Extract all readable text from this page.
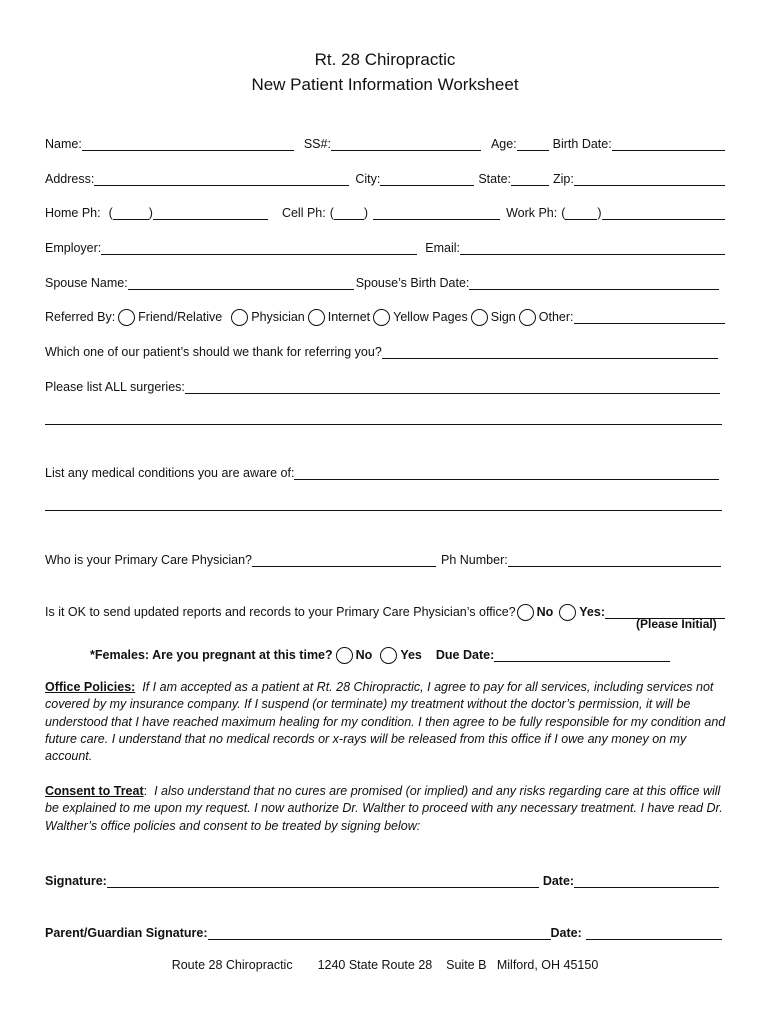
Rt. 28 Chiropractic
New Patient Information Worksheet
Name:	SS#:	Age:	Birth Date:
Address:	City:	State:	Zip:
Home Ph: (	)	Cell Ph: ( )	Work Ph: (	)
Employer:	Email:
Spouse Name:	Spouse’s Birth Date:
Referred By: Friend/Relative Physician Internet Yellow Pages Sign Other:
Which one of our patient’s should we thank for referring you?
Please list ALL surgeries:
List any medical conditions you are aware of:
Who is your Primary Care Physician?	Ph Number:
Is it OK to send updated reports and records to your Primary Care Physician’s office? No Yes:
(Please Initial)
*Females: Are you pregnant at this time? No Yes Due Date:
Office Policies: If I am accepted as a patient at Rt. 28 Chiropractic, I agree to pay for all services, including services not covered by my insurance company. If I suspend (or terminate) my treatment without the doctor’s permission, it will be understood that I have reached maximum healing for my condition. I then agree to be fully responsible for my condition and future care. I understand that no medical records or x-rays will be released from this office if I owe any money on my account.
Consent to Treat: I also understand that no cures are promised (or implied) and any risks regarding care at this office will be explained to me upon my request. I now authorize Dr. Walther to proceed with any necessary treatment. I have read Dr. Walther’s office policies and consent to be treated by signing below:
Signature:	Date:
Parent/Guardian Signature:	Date:
Route 28 Chiropractic 1240 State Route 28    Suite B   Milford, OH 45150
